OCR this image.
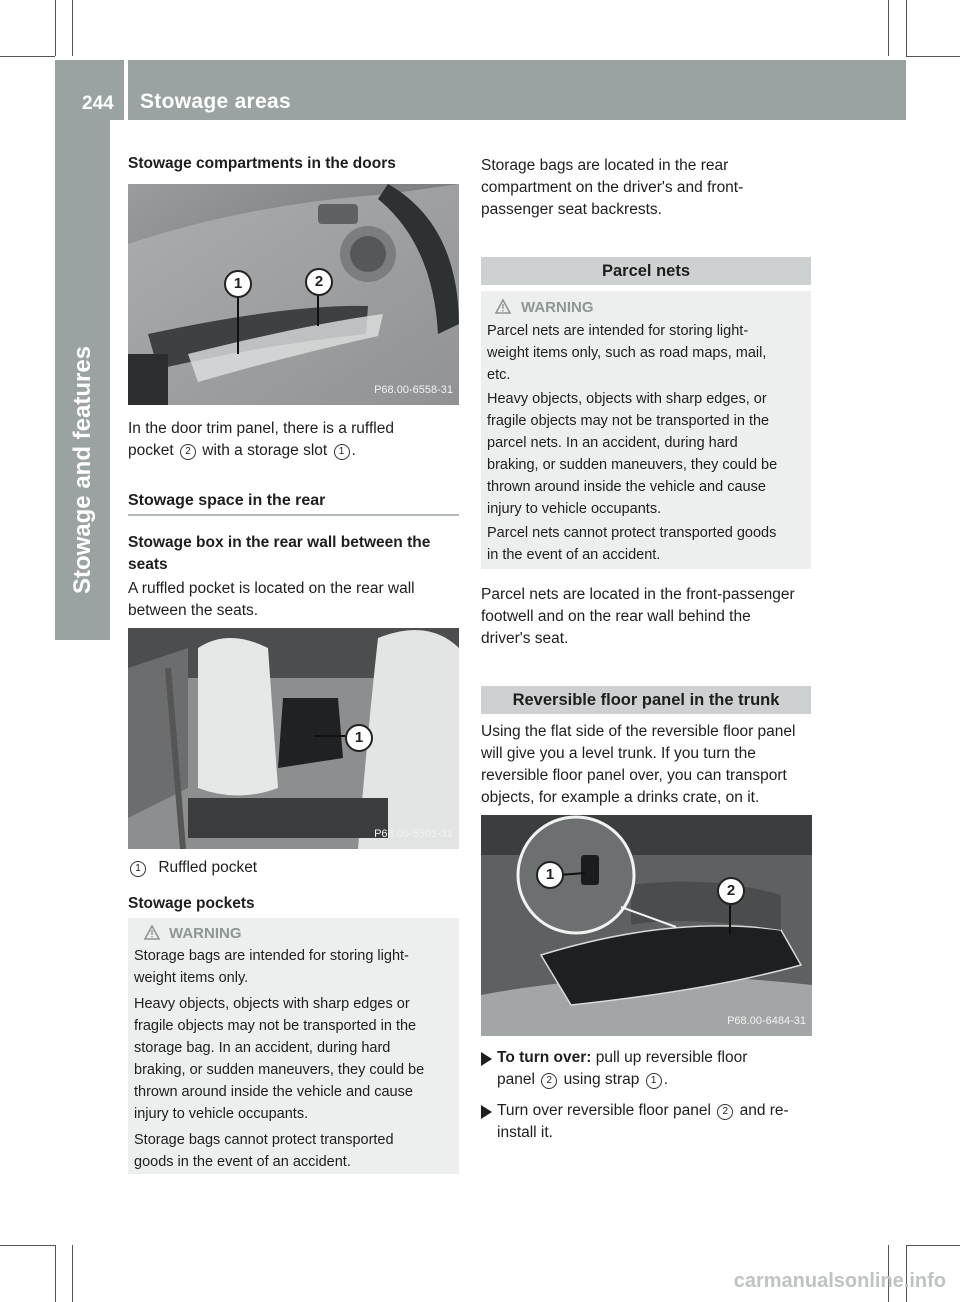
244 Stowage areas
Stowage and features
Stowage compartments in the doors
1	2
P68.00-6558-31
In the door trim panel, there is a ruffled
pocket 2 with a storage slot 1 .
Stowage space in the rear
Stowage box in the rear wall between the
seats
A ruffled pocket is located on the rear wall
between the seats.
1
P68.00-6501-31
1 Ruffled pocket
Stowage pockets
WARNING

Storage bags are intended for storing light-

weight items only.

Heavy objects, objects with sharp edges or

fragile objects may not be transported in the

storage bag. In an accident, during hard

braking, or sudden maneuvers, they could be

thrown around inside the vehicle and cause

injury to vehicle occupants.

Storage bags cannot protect transported

goods in the event of an accident.

Storage bags are located in the rear
compartment on the driver's and front-
passenger seat backrests.
Parcel nets
WARNING

Parcel nets are intended for storing light-

weight items only, such as road maps, mail,

etc.

Heavy objects, objects with sharp edges, or

fragile objects may not be transported in the

parcel nets. In an accident, during hard

braking, or sudden maneuvers, they could be

thrown around inside the vehicle and cause

injury to vehicle occupants.

Parcel nets cannot protect transported goods

in the event of an accident.

Parcel nets are located in the front-passenger
footwell and on the rear wall behind the
driver's seat.
Reversible floor panel in the trunk
Using the flat side of the reversible floor panel
will give you a level trunk. If you turn the
reversible floor panel over, you can transport
objects, for example a drinks crate, on it.
1
2
P68.00-6484-31
To turn over: pull up reversible floor
panel 2 using strap 1 .
Turn over reversible floor panel 2 and re-
install it.
carmanualsonline.info
